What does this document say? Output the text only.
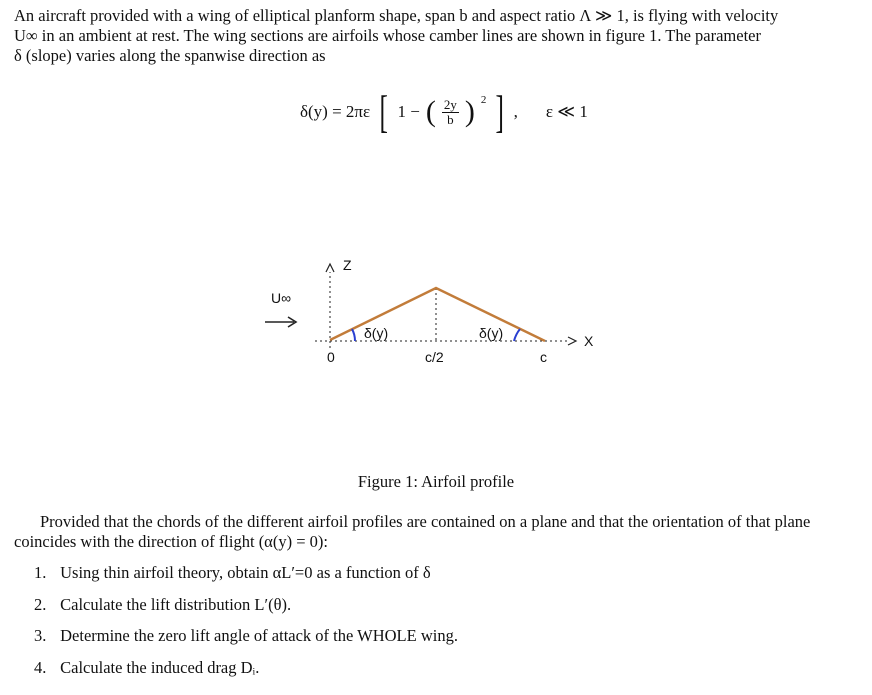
An aircraft provided with a wing of elliptical planform shape, span b and aspect ratio Λ ≫ 1, is flying with velocity
U∞ in an ambient at rest. The wing sections are airfoils whose camber lines are shown in figure 1. The parameter
δ (slope) varies along the spanwise direction as
δ(y) = 2πε [ 1 − ( $\frac{2y}{b}$ ) 2 ] , ε ≪ 1
Z
X
δ(y)	δ(y)
U∞
0	c/2	c
Figure 1: Airfoil profile
Provided that the chords of the different airfoil profiles are contained on a plane and that the orientation of that plane coincides with the direction of flight (α(y) = 0):
1. Using thin airfoil theory, obtain αL′=0 as a function of δ
2. Calculate the lift distribution L′(θ).
3. Determine the zero lift angle of attack of the WHOLE wing.
4. Calculate the induced drag Dᵢ.
